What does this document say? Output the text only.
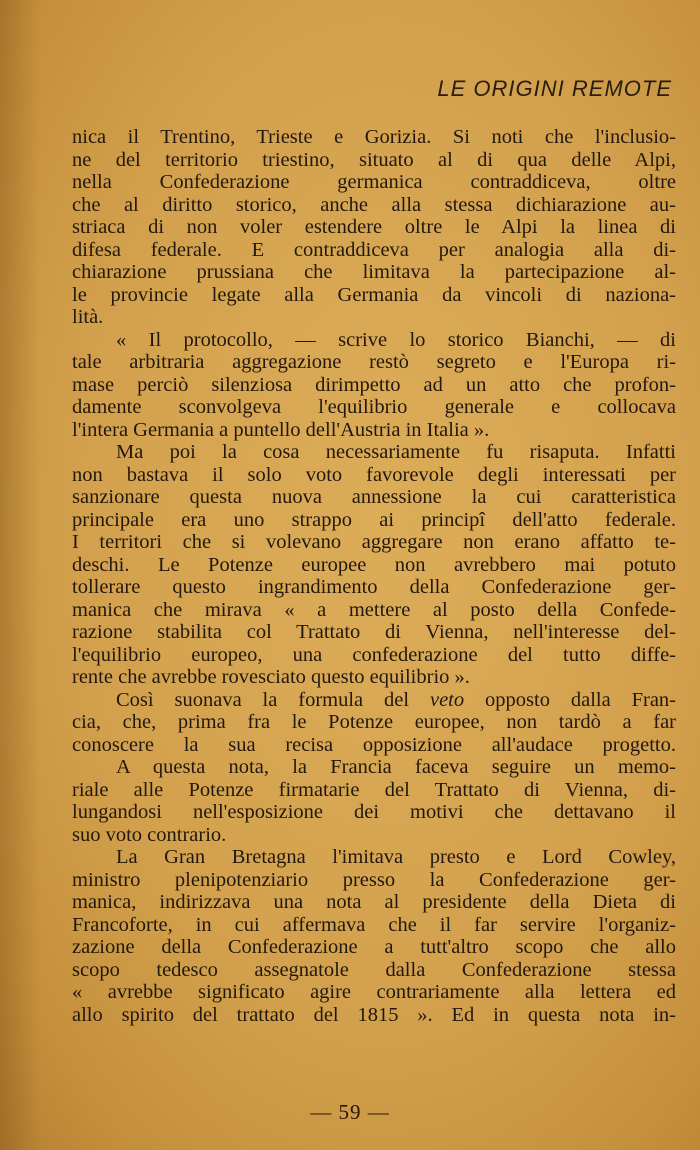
LE ORIGINI REMOTE
nica il Trentino, Trieste e Gorizia. Si noti che l'inclusio-
ne del territorio triestino, situato al di qua delle Alpi,
nella Confederazione germanica contraddiceva, oltre
che al diritto storico, anche alla stessa dichiarazione au-
striaca di non voler estendere oltre le Alpi la linea di
difesa federale. E contraddiceva per analogia alla di-
chiarazione prussiana che limitava la partecipazione al-
le provincie legate alla Germania da vincoli di naziona-
lità.
« Il protocollo, — scrive lo storico Bianchi, — di
tale arbitraria aggregazione restò segreto e l'Europa ri-
mase perciò silenziosa dirimpetto ad un atto che profon-
damente sconvolgeva l'equilibrio generale e collocava
l'intera Germania a puntello dell'Austria in Italia ».
Ma poi la cosa necessariamente fu risaputa. Infatti
non bastava il solo voto favorevole degli interessati per
sanzionare questa nuova annessione la cui caratteristica
principale era uno strappo ai principî dell'atto federale.
I territori che si volevano aggregare non erano affatto te-
deschi. Le Potenze europee non avrebbero mai potuto
tollerare questo ingrandimento della Confederazione ger-
manica che mirava « a mettere al posto della Confede-
razione stabilita col Trattato di Vienna, nell'interesse del-
l'equilibrio europeo, una confederazione del tutto diffe-
rente che avrebbe rovesciato questo equilibrio ».
Così suonava la formula del veto opposto dalla Fran-
cia, che, prima fra le Potenze europee, non tardò a far
conoscere la sua recisa opposizione all'audace progetto.
A questa nota, la Francia faceva seguire un memo-
riale alle Potenze firmatarie del Trattato di Vienna, di-
lungandosi nell'esposizione dei motivi che dettavano il
suo voto contrario.
La Gran Bretagna l'imitava presto e Lord Cowley,
ministro plenipotenziario presso la Confederazione ger-
manica, indirizzava una nota al presidente della Dieta di
Francoforte, in cui affermava che il far servire l'organiz-
zazione della Confederazione a tutt'altro scopo che allo
scopo tedesco assegnatole dalla Confederazione stessa
« avrebbe significato agire contrariamente alla lettera ed
allo spirito del trattato del 1815 ». Ed in questa nota in-
— 59 —
